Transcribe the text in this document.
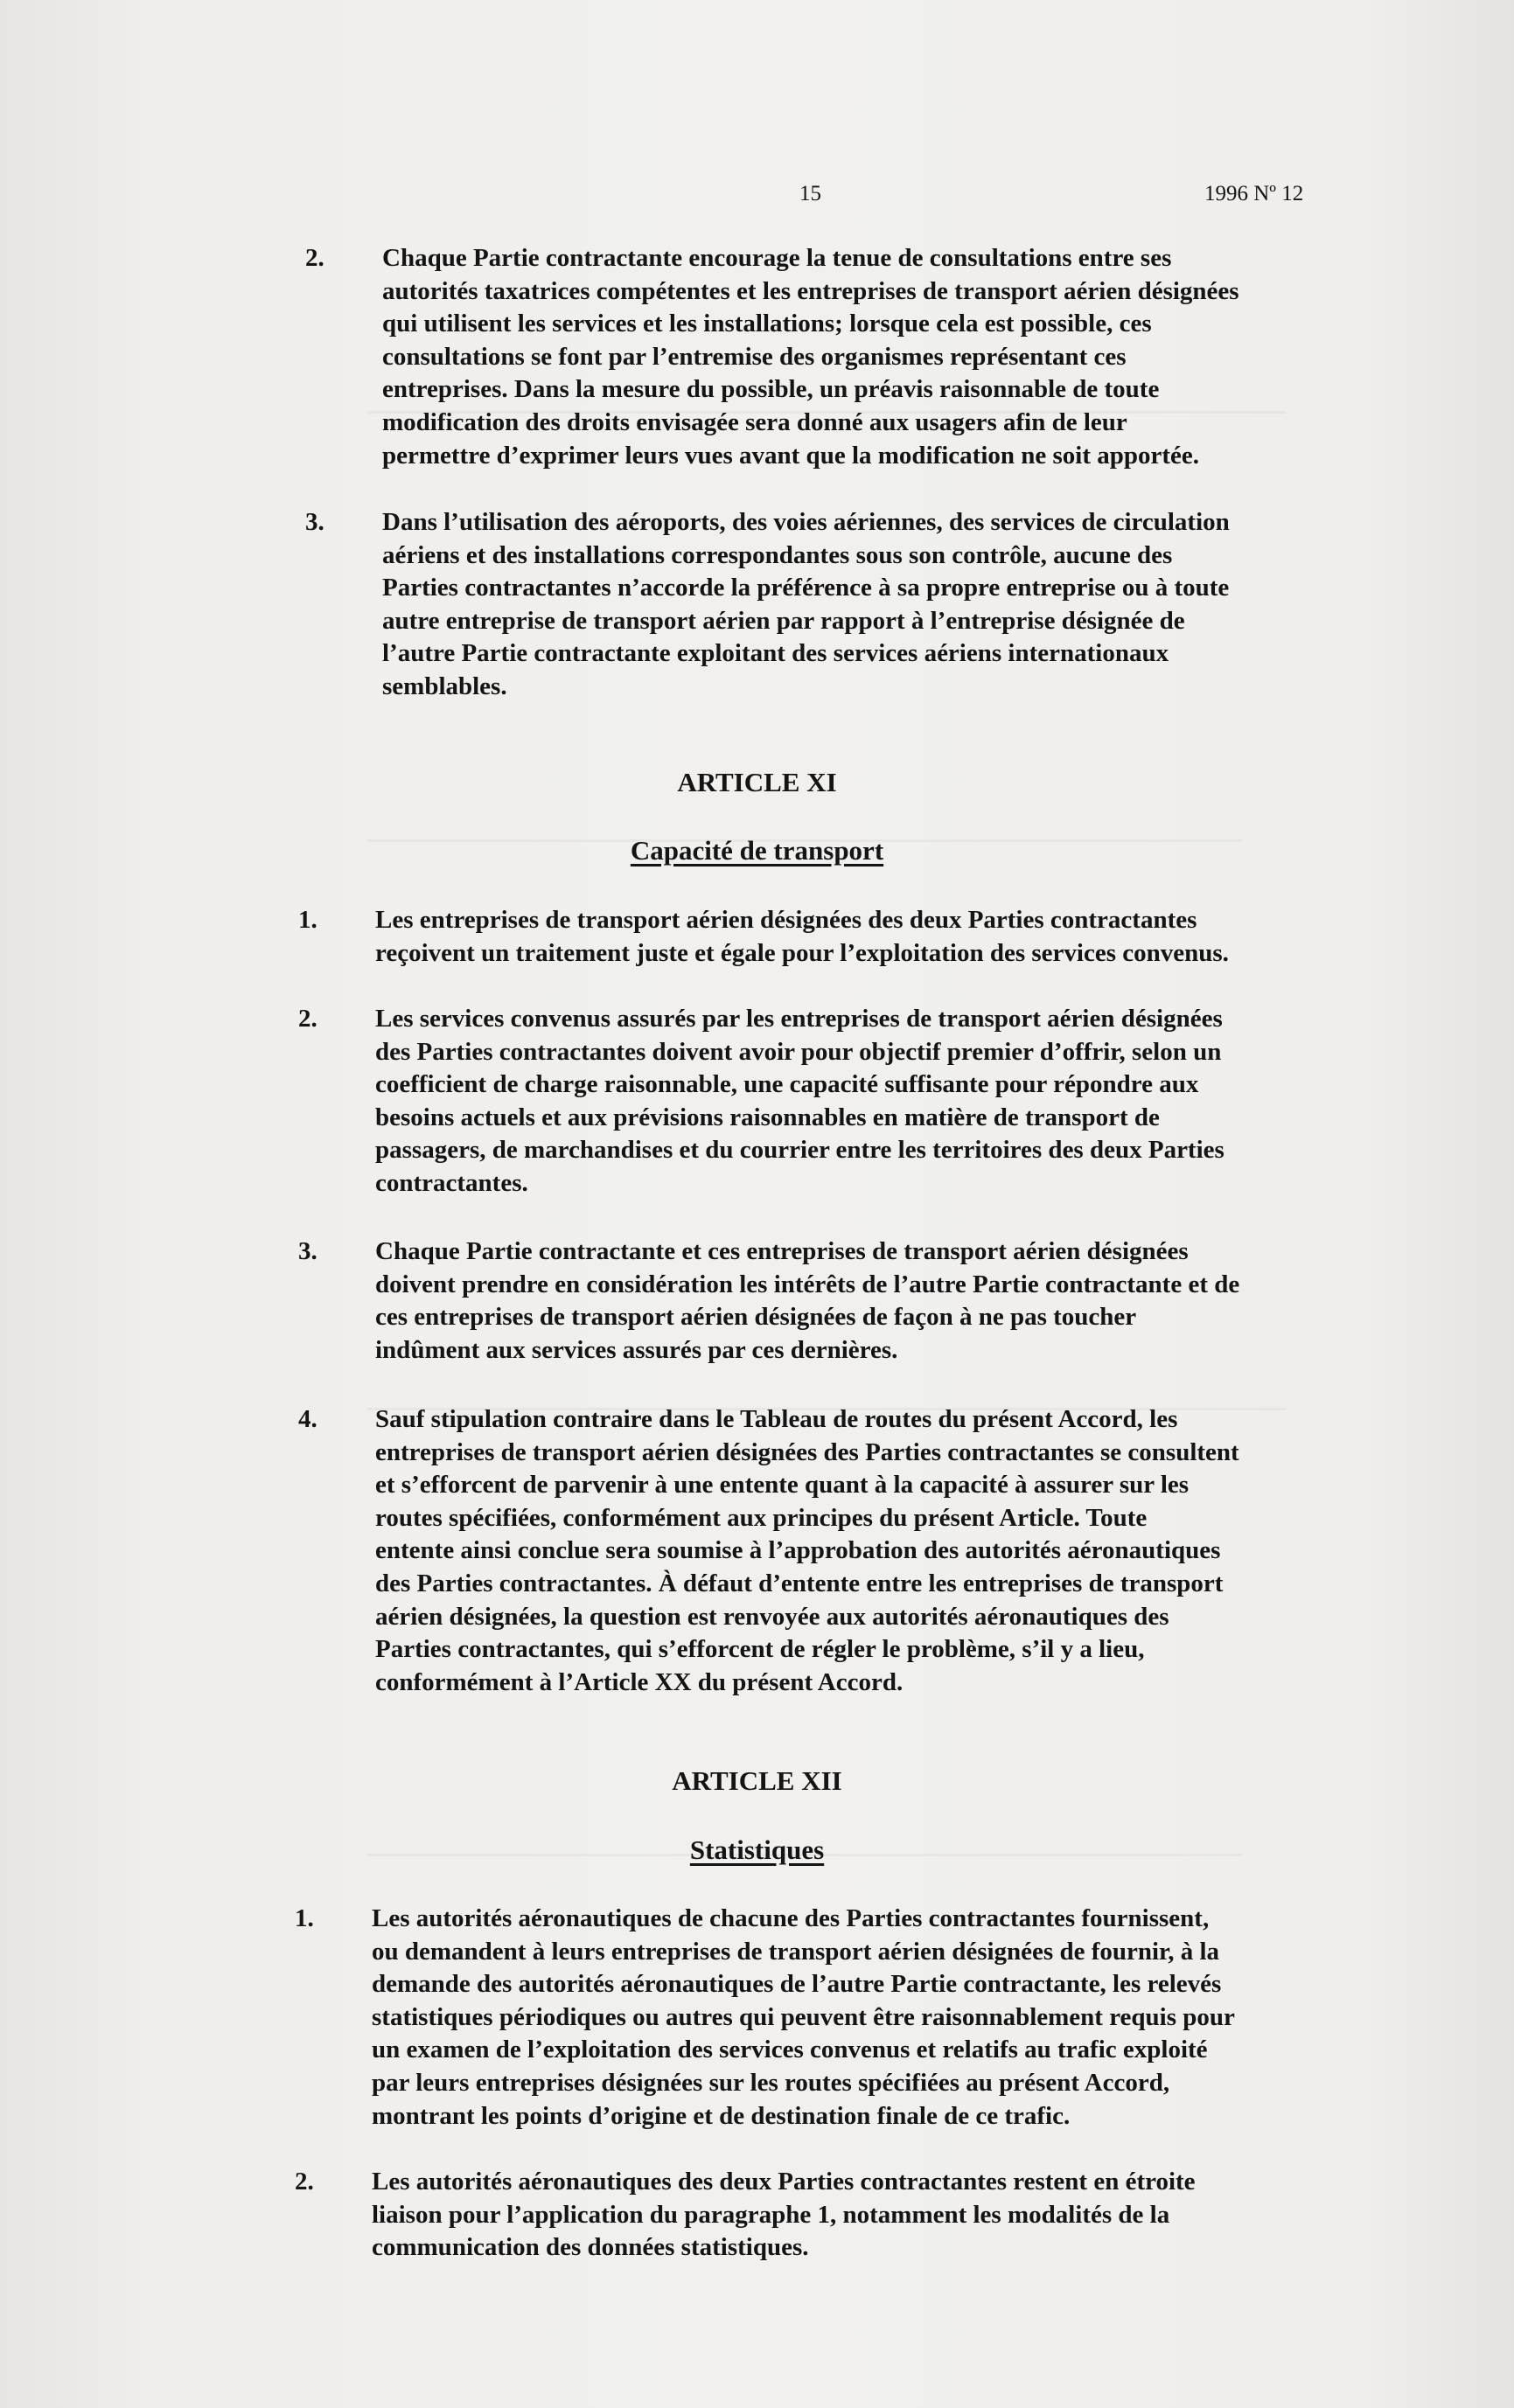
15	1996 Nº 12
2.	Chaque Partie contractante encourage la tenue de consultations entre ses
autorités taxatrices compétentes et les entreprises de transport aérien désignées
qui utilisent les services et les installations; lorsque cela est possible, ces
consultations se font par l’entremise des organismes représentant ces
entreprises. Dans la mesure du possible, un préavis raisonnable de toute
modification des droits envisagée sera donné aux usagers afin de leur
permettre d’exprimer leurs vues avant que la modification ne soit apportée.
3.	Dans l’utilisation des aéroports, des voies aériennes, des services de circulation
aériens et des installations correspondantes sous son contrôle, aucune des
Parties contractantes n’accorde la préférence à sa propre entreprise ou à toute
autre entreprise de transport aérien par rapport à l’entreprise désignée de
l’autre Partie contractante exploitant des services aériens internationaux
semblables.
ARTICLE XI
Capacité de transport
1.	Les entreprises de transport aérien désignées des deux Parties contractantes
reçoivent un traitement juste et égale pour l’exploitation des services convenus.
2.	Les services convenus assurés par les entreprises de transport aérien désignées
des Parties contractantes doivent avoir pour objectif premier d’offrir, selon un
coefficient de charge raisonnable, une capacité suffisante pour répondre aux
besoins actuels et aux prévisions raisonnables en matière de transport de
passagers, de marchandises et du courrier entre les territoires des deux Parties
contractantes.
3.	Chaque Partie contractante et ces entreprises de transport aérien désignées
doivent prendre en considération les intérêts de l’autre Partie contractante et de
ces entreprises de transport aérien désignées de façon à ne pas toucher
indûment aux services assurés par ces dernières.
4.	Sauf stipulation contraire dans le Tableau de routes du présent Accord, les
entreprises de transport aérien désignées des Parties contractantes se consultent
et s’efforcent de parvenir à une entente quant à la capacité à assurer sur les
routes spécifiées, conformément aux principes du présent Article. Toute
entente ainsi conclue sera soumise à l’approbation des autorités aéronautiques
des Parties contractantes. À défaut d’entente entre les entreprises de transport
aérien désignées, la question est renvoyée aux autorités aéronautiques des
Parties contractantes, qui s’efforcent de régler le problème, s’il y a lieu,
conformément à l’Article XX du présent Accord.
ARTICLE XII
Statistiques
1.	Les autorités aéronautiques de chacune des Parties contractantes fournissent,
ou demandent à leurs entreprises de transport aérien désignées de fournir, à la
demande des autorités aéronautiques de l’autre Partie contractante, les relevés
statistiques périodiques ou autres qui peuvent être raisonnablement requis pour
un examen de l’exploitation des services convenus et relatifs au trafic exploité
par leurs entreprises désignées sur les routes spécifiées au présent Accord,
montrant les points d’origine et de destination finale de ce trafic.
2.	Les autorités aéronautiques des deux Parties contractantes restent en étroite
liaison pour l’application du paragraphe 1, notamment les modalités de la
communication des données statistiques.
